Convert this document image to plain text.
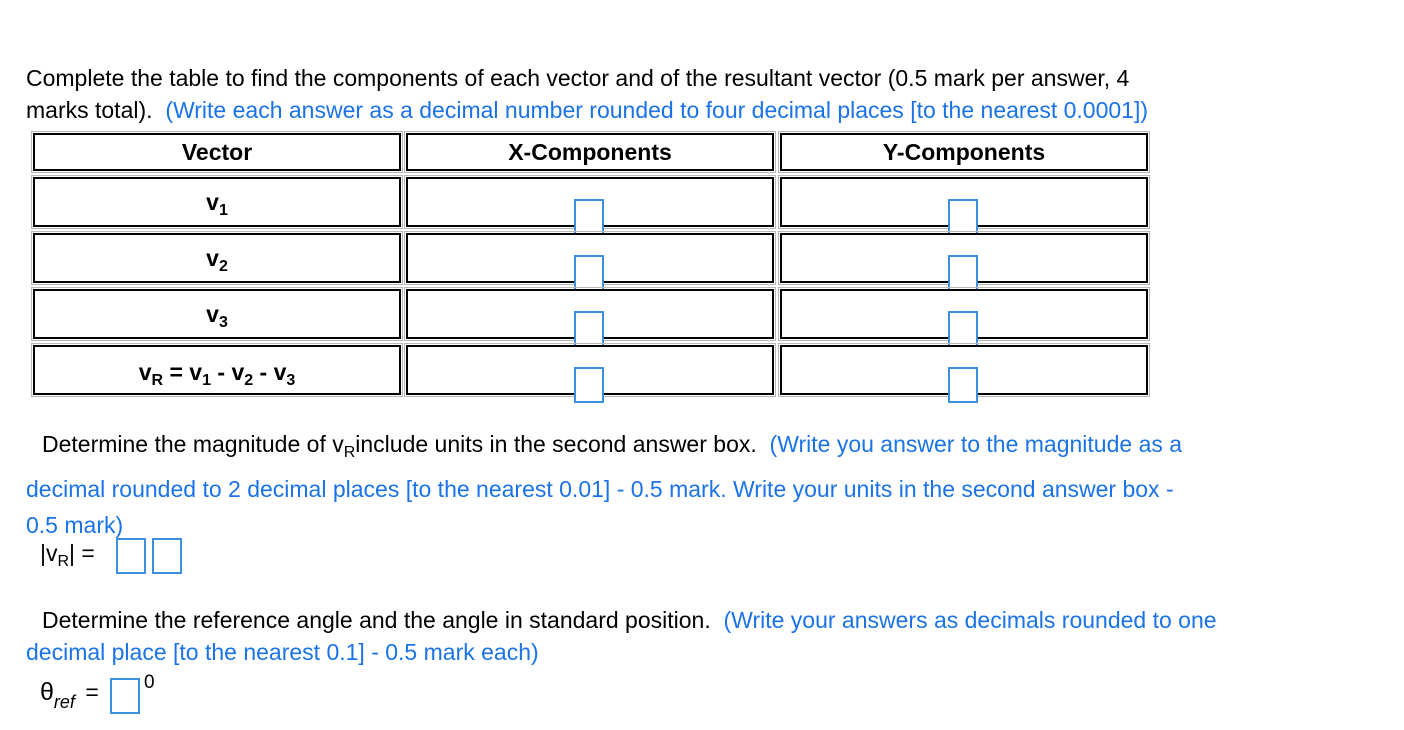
Complete the table to find the components of each vector and of the resultant vector (0.5 mark per answer, 4
marks total). (Write each answer as a decimal number rounded to four decimal places [to the nearest 0.0001])

Vector	X-Components	Y-Components
$v_1$
$v_2$
$v_3$
$v_R = v_1 - v_2 - v_3$

Determine the magnitude of $v_Rinclude$ units in the second answer box. (Write you answer to the magnitude as a
decimal rounded to 2 decimal places [to the nearest 0.01] - 0.5 mark. Write your units in the second answer box -
0.5 mark)

$|v_R|$ =

Determine the reference angle and the angle in standard position. (Write your answers as decimals rounded to one
decimal place [to the nearest 0.1] - 0.5 mark each)

$\theta_{ref} = 0$
